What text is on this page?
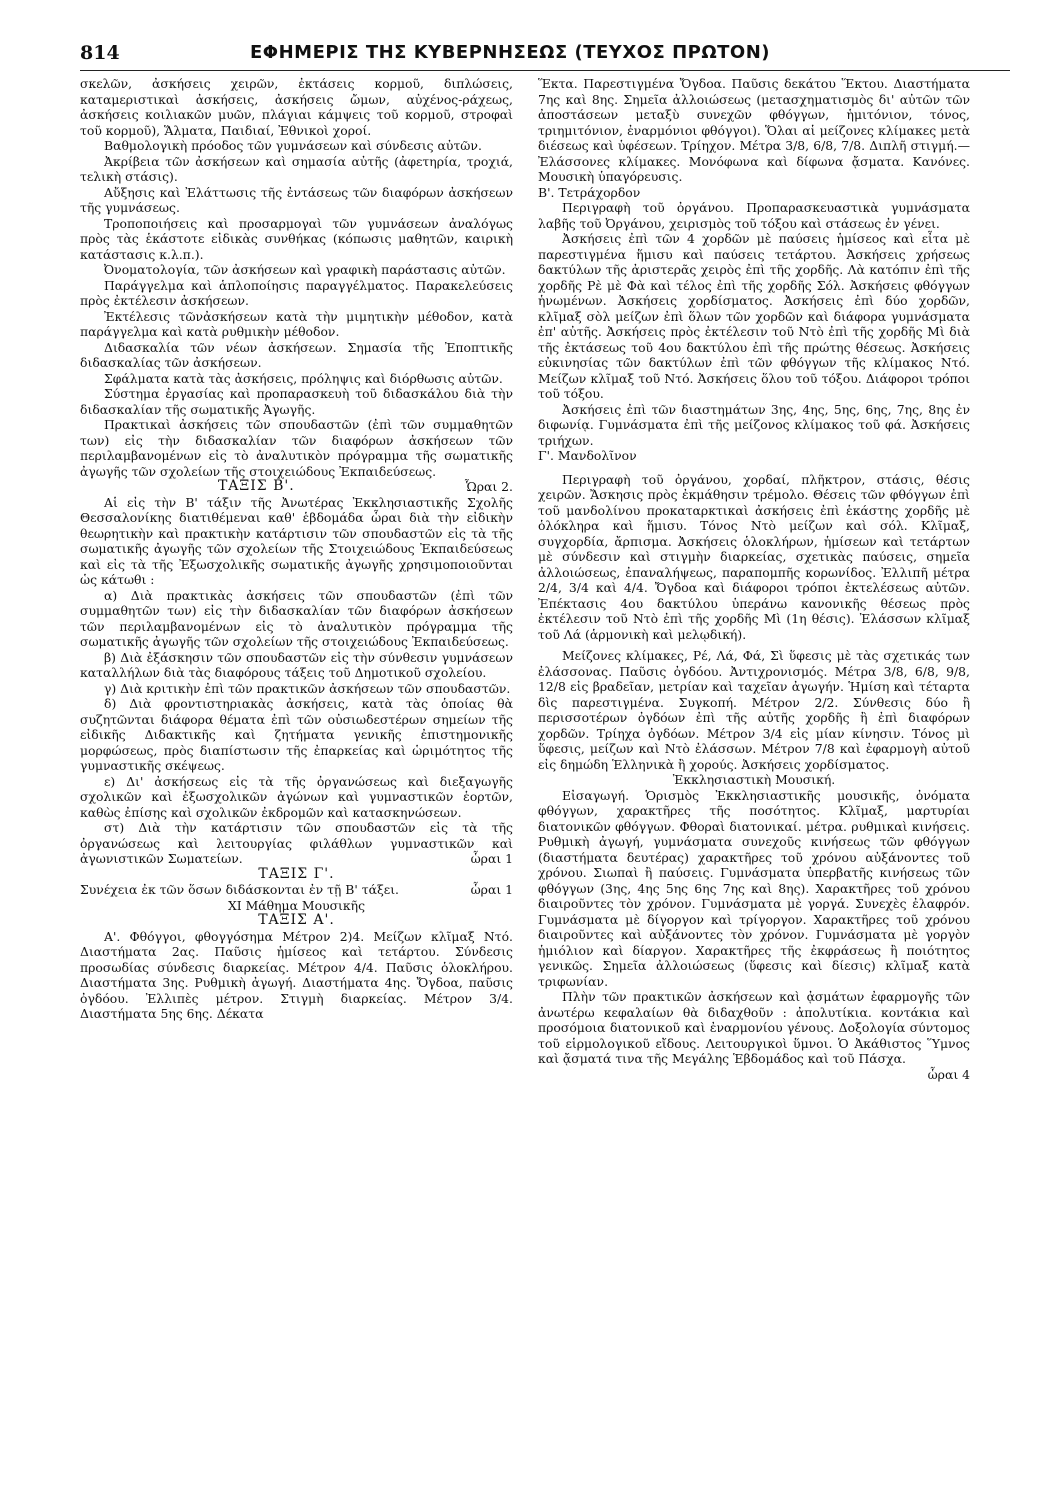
814	ΕΦΗΜΕΡΙΣ ΤΗΣ ΚΥΒΕΡΝΗΣΕΩΣ (ΤΕΥΧΟΣ ΠΡΩΤΟΝ)

σκελῶν, ἀσκήσεις χειρῶν, ἐκτάσεις κορμοῦ, διπλώσεις, καταμεριστικαὶ ἀσκήσεις, ἀσκήσεις ὤμων, αὐχένος-ράχεως, ἀσκήσεις κοιλιακῶν μυῶν, πλάγιαι κάμψεις τοῦ κορμοῦ, στροφαὶ τοῦ κορμοῦ), Ἅλματα, Παιδιαί, Ἐθνικοὶ χοροί.

Βαθμολογικὴ πρόοδος τῶν γυμνάσεων καὶ σύνδεσις αὐτῶν.

Ἀκρίβεια τῶν ἀσκήσεων καὶ σημασία αὐτῆς (ἀφετηρία, τροχιά, τελικὴ στάσις).

Αὔξησις καὶ Ἐλάττωσις τῆς ἐντάσεως τῶν διαφόρων ἀσκήσεων τῆς γυμνάσεως.

Τροποποιήσεις καὶ προσαρμογαὶ τῶν γυμνάσεων ἀναλόγως πρὸς τὰς ἑκάστοτε εἰδικὰς συνθήκας (κόπωσις μαθητῶν, καιρικὴ κατάστασις κ.λ.π.).

Ὀνοματολογία, τῶν ἀσκήσεων καὶ γραφικὴ παράστασις αὐτῶν.

Παράγγελμα καὶ ἁπλοποίησις παραγγέλματος. Παρακελεύσεις πρὸς ἐκτέλεσιν ἀσκήσεων.

Ἐκτέλεσις τῶνἀσκήσεων κατὰ τὴν μιμητικὴν μέθοδον, κατὰ παράγγελμα καὶ κατὰ ρυθμικὴν μέθοδον.

Διδασκαλία τῶν νέων ἀσκήσεων. Σημασία τῆς Ἐποπτικῆς διδασκαλίας τῶν ἀσκήσεων.

Σφάλματα κατὰ τὰς ἀσκήσεις, πρόληψις καὶ διόρθωσις αὐτῶν.

Σύστημα ἐργασίας καὶ προπαρασκευὴ τοῦ διδασκάλου διὰ τὴν διδασκαλίαν τῆς σωματικῆς Ἀγωγῆς.

Πρακτικαὶ ἀσκήσεις τῶν σπουδαστῶν (ἐπὶ τῶν συμμαθητῶν των) εἰς τὴν διδασκαλίαν τῶν διαφόρων ἀσκήσεων τῶν περιλαμβανομένων εἰς τὸ ἀναλυτικὸν πρόγραμμα τῆς σωματικῆς ἀγωγῆς τῶν σχολείων τῆς στοιχειώδους Ἐκπαιδεύσεως.
Ὧραι 2.

ΤΑΞΙΣ Β'.

Αἱ εἰς τὴν Β' τάξιν τῆς Ἀνωτέρας Ἐκκλησιαστικῆς Σχολῆς Θεσσαλονίκης διατιθέμεναι καθ' ἑβδομάδα ὧραι διὰ τὴν εἰδικὴν θεωρητικὴν καὶ πρακτικὴν κατάρτισιν τῶν σπουδαστῶν εἰς τὰ τῆς σωματικῆς ἀγωγῆς τῶν σχολείων τῆς Στοιχειώδους Ἐκπαιδεύσεως καὶ εἰς τὰ τῆς Ἐξωσχολικῆς σωματικῆς ἀγωγῆς χρησιμοποιοῦνται ὡς κάτωθι :

α) Διὰ πρακτικὰς ἀσκήσεις τῶν σπουδαστῶν (ἐπὶ τῶν συμμαθητῶν των) εἰς τὴν διδασκαλίαν τῶν διαφόρων ἀσκήσεων τῶν περιλαμβανομένων εἰς τὸ ἀναλυτικὸν πρόγραμμα τῆς σωματικῆς ἀγωγῆς τῶν σχολείων τῆς στοιχειώδους Ἐκπαιδεύσεως.

β) Διὰ ἐξάσκησιν τῶν σπουδαστῶν εἰς τὴν σύνθεσιν γυμνάσεων καταλλήλων διὰ τὰς διαφόρους τάξεις τοῦ Δημοτικοῦ σχολείου.

γ) Διὰ κριτικὴν ἐπὶ τῶν πρακτικῶν ἀσκήσεων τῶν σπουδαστῶν.

δ) Διὰ φροντιστηριακὰς ἀσκήσεις, κατὰ τὰς ὁποίας θὰ συζητῶνται διάφορα θέματα ἐπὶ τῶν οὐσιωδεστέρων σημείων τῆς εἰδικῆς Διδακτικῆς καὶ ζητήματα γενικῆς ἐπιστημονικῆς μορφώσεως, πρὸς διαπίστωσιν τῆς ἐπαρκείας καὶ ὡριμότητος τῆς γυμναστικῆς σκέψεως.

ε) Δι' ἀσκήσεως εἰς τὰ τῆς ὀργανώσεως καὶ διεξαγωγῆς σχολικῶν καὶ ἐξωσχολικῶν ἀγώνων καὶ γυμναστικῶν ἑορτῶν, καθὼς ἐπίσης καὶ σχολικῶν ἐκδρομῶν καὶ κατασκηνώσεων.

στ) Διὰ τὴν κατάρτισιν τῶν σπουδαστῶν εἰς τὰ τῆς ὀργανώσεως καὶ λειτουργίας φιλάθλων γυμναστικῶν καὶ ἀγωνιστικῶν Σωματείων.	ὧραι 1

ΤΑΞΙΣ Γ'.

Συνέχεια ἐκ τῶν ὅσων διδάσκονται ἐν τῇ Β' τάξει.	ὧραι 1

ΧΙ Μάθημα Μουσικῆς

ΤΑΞΙΣ Α'.

Α'. Φθόγγοι, φθογγόσημα Μέτρον 2)4. Μείζων κλῖμαξ Ντό. Διαστήματα 2ας. Παῦσις ἡμίσεος καὶ τετάρτου. Σύνδεσις προσωδίας σύνδεσις διαρκείας. Μέτρον 4/4. Παῦσις ὁλοκλήρου. Διαστήματα 3ης. Ρυθμικὴ ἀγωγή. Διαστήματα 4ης. Ὄγδοα, παῦσις ὀγδόου. Ἐλλιπὲς μέτρον. Στιγμὴ διαρκείας. Μέτρον 3/4. Διαστήματα 5ης 6ης. Δέκατα

Ἕκτα. Παρεστιγμένα Ὄγδοα. Παῦσις δεκάτου Ἕκτου. Διαστήματα 7ης καὶ 8ης. Σημεῖα ἀλλοιώσεως (μετασχηματισμὸς δι' αὐτῶν τῶν ἀποστάσεων μεταξὺ συνεχῶν φθόγγων, ἡμιτόνιον, τόνος, τριημιτόνιον, ἐναρμόνιοι φθόγγοι). Ὅλαι αἱ μείζονες κλίμακες μετὰ διέσεως καὶ ὑφέσεων. Τρίηχον. Μέτρα 3/8, 6/8, 7/8. Διπλῆ στιγμή.— Ἐλάσσονες κλίμακες. Μονόφωνα καὶ δίφωνα ᾄσματα. Κανόνες. Μουσικὴ ὑπαγόρευσις.

Β'. Τετράχορδον

Περιγραφὴ τοῦ ὀργάνου. Προπαρασκευαστικὰ γυμνάσματα λαβῆς τοῦ Ὀργάνου, χειρισμὸς τοῦ τόξου καὶ στάσεως ἐν γένει.

Ἀσκήσεις ἐπὶ τῶν 4 χορδῶν μὲ παύσεις ἡμίσεος καὶ εἶτα μὲ παρεστιγμένα ἥμισυ καὶ παύσεις τετάρτου. Ἀσκήσεις χρήσεως δακτύλων τῆς ἀριστερᾶς χειρὸς ἐπὶ τῆς χορδῆς. Λὰ κατόπιν ἐπὶ τῆς χορδῆς Ρὲ μὲ Φὰ καὶ τέλος ἐπὶ τῆς χορδῆς Σόλ. Ἀσκήσεις φθόγγων ἡνωμένων. Ἀσκήσεις χορδίσματος. Ἀσκήσεις ἐπὶ δύο χορδῶν, κλῖμαξ σὸλ μείζων ἐπὶ ὅλων τῶν χορδῶν καὶ διάφορα γυμνάσματα ἐπ' αὐτῆς. Ἀσκήσεις πρὸς ἐκτέλεσιν τοῦ Ντὸ ἐπὶ τῆς χορδῆς Μὶ διὰ τῆς ἐκτάσεως τοῦ 4ου δακτύλου ἐπὶ τῆς πρώτης θέσεως. Ἀσκήσεις εὐκινησίας τῶν δακτύλων ἐπὶ τῶν φθόγγων τῆς κλίμακος Ντό. Μείζων κλῖμαξ τοῦ Ντό. Ἀσκήσεις ὅλου τοῦ τόξου. Διάφοροι τρόποι τοῦ τόξου.

Ἀσκήσεις ἐπὶ τῶν διαστημάτων 3ης, 4ης, 5ης, 6ης, 7ης, 8ης ἐν διφωνίᾳ. Γυμνάσματα ἐπὶ τῆς μείζονος κλίμακος τοῦ φά. Ἀσκήσεις τριήχων.

Γ'. Μανδολῖνον

Περιγραφὴ τοῦ ὀργάνου, χορδαί, πλῆκτρον, στάσις, θέσις χειρῶν. Ἄσκησις πρὸς ἐκμάθησιν τρέμολο. Θέσεις τῶν φθόγγων ἐπὶ τοῦ μανδολίνου προκαταρκτικαὶ ἀσκήσεις ἐπὶ ἑκάστης χορδῆς μὲ ὁλόκληρα καὶ ἥμισυ. Τόνος Ντὸ μείζων καὶ σόλ. Κλῖμαξ, συγχορδία, ἄρπισμα. Ἀσκήσεις ὁλοκλήρων, ἡμίσεων καὶ τετάρτων μὲ σύνδεσιν καὶ στιγμὴν διαρκείας, σχετικὰς παύσεις, σημεῖα ἀλλοιώσεως, ἐπαναλήψεως, παραπομπῆς κορωνίδος. Ἐλλιπῆ μέτρα 2/4, 3/4 καὶ 4/4. Ὄγδοα καὶ διάφοροι τρόποι ἐκτελέσεως αὐτῶν. Ἐπέκτασις 4ου δακτύλου ὑπεράνω κανονικῆς θέσεως πρὸς ἐκτέλεσιν τοῦ Ντὸ ἐπὶ τῆς χορδῆς Μὶ (1η θέσις). Ἐλάσσων κλῖμαξ τοῦ Λά (ἁρμονικὴ καὶ μελῳδική).

Μείζονες κλίμακες, Ρέ, Λά, Φά, Σὶ ὕφεσις μὲ τὰς σχετικάς των ἐλάσσονας. Παῦσις ὀγδόου. Ἀντιχρονισμός. Μέτρα 3/8, 6/8, 9/8, 12/8 εἰς βραδεῖαν, μετρίαν καὶ ταχεῖαν ἀγωγήν. Ἡμίση καὶ τέταρτα δὶς παρεστιγμένα. Συγκοπή. Μέτρον 2/2. Σύνθεσις δύο ἢ περισσοτέρων ὀγδόων ἐπὶ τῆς αὐτῆς χορδῆς ἢ ἐπὶ διαφόρων χορδῶν. Τρίηχα ὀγδόων. Μέτρον 3/4 εἰς μίαν κίνησιν. Τόνος μὶ ὕφεσις, μείζων καὶ Ντὸ ἐλάσσων. Μέτρον 7/8 καὶ ἐφαρμογὴ αὐτοῦ εἰς δημώδη Ἑλληνικὰ ἢ χορούς. Ἀσκήσεις χορδίσματος.

Ἐκκλησιαστικὴ Μουσική.

Εἰσαγωγή. Ὁρισμὸς Ἐκκλησιαστικῆς μουσικῆς, ὀνόματα φθόγγων, χαρακτῆρες τῆς ποσότητος. Κλῖμαξ, μαρτυρίαι διατονικῶν φθόγγων. Φθοραὶ διατονικαί. μέτρα. ρυθμικαὶ κινήσεις. Ρυθμικὴ ἀγωγή, γυμνάσματα συνεχοῦς κινήσεως τῶν φθόγγων (διαστήματα δευτέρας) χαρακτῆρες τοῦ χρόνου αὐξάνοντες τοῦ χρόνου. Σιωπαὶ ἢ παύσεις. Γυμνάσματα ὑπερβατῆς κινήσεως τῶν φθόγγων (3ης, 4ης 5ης 6ης 7ης καὶ 8ης). Χαρακτῆρες τοῦ χρόνου διαιροῦντες τὸν χρόνον. Γυμνάσματα μὲ γοργά. Συνεχὲς ἐλαφρόν. Γυμνάσματα μὲ δίγοργον καὶ τρίγοργον. Χαρακτῆρες τοῦ χρόνου διαιροῦντες καὶ αὐξάνοντες τὸν χρόνον. Γυμνάσματα μὲ γοργὸν ἡμιόλιον καὶ δίαργον. Χαρακτῆρες τῆς ἐκφράσεως ἢ ποιότητος γενικῶς. Σημεῖα ἀλλοιώσεως (ὕφεσις καὶ δίεσις) κλῖμαξ κατὰ τριφωνίαν.

Πλὴν τῶν πρακτικῶν ἀσκήσεων καὶ ᾀσμάτων ἐφαρμογῆς τῶν ἀνωτέρω κεφαλαίων θὰ διδαχθοῦν : ἀπολυτίκια. κοντάκια καὶ προσόμοια διατονικοῦ καὶ ἐναρμονίου γένους. Δοξολογία σύντομος τοῦ εἱρμολογικοῦ εἴδους. Λειτουργικοὶ ὕμνοι. Ὁ Ἀκάθιστος Ὕμνος καὶ ᾄσματά τινα τῆς Μεγάλης Ἑβδομάδος καὶ τοῦ Πάσχα.
ὧραι 4
